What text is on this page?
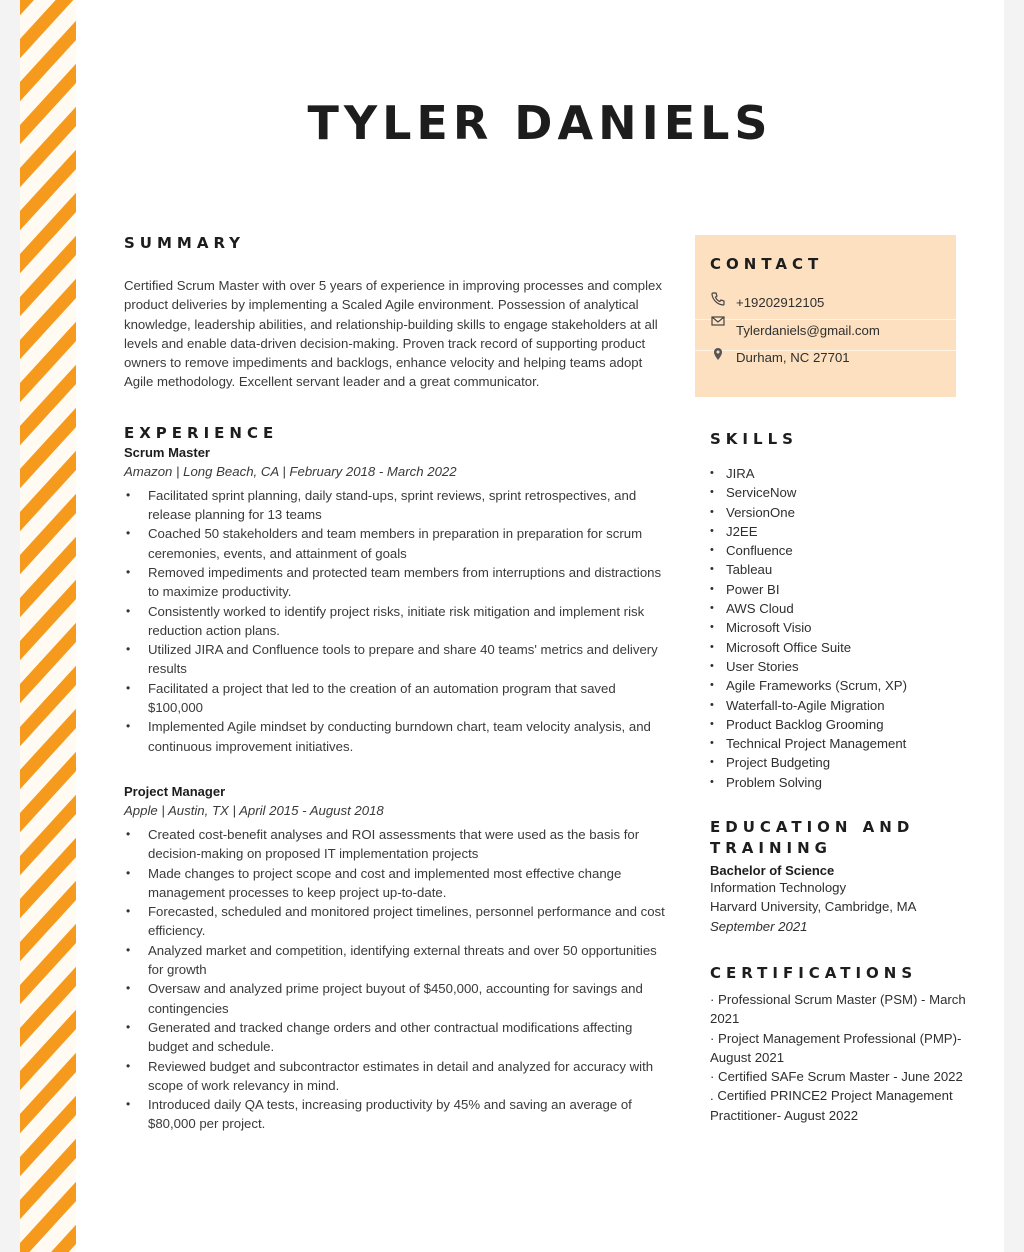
TYLER DANIELS
SUMMARY

Certified Scrum Master with over 5 years of experience in improving processes and complex product deliveries by implementing a Scaled Agile environment. Possession of analytical knowledge, leadership abilities, and relationship-building skills to engage stakeholders at all levels and enable data-driven decision-making. Proven track record of supporting product owners to remove impediments and backlogs, enhance velocity and helping teams adopt Agile methodology. Excellent servant leader and a great communicator.

EXPERIENCE
Scrum Master
Amazon | Long Beach, CA | February 2018 - March 2022
• Facilitated sprint planning, daily stand-ups, sprint reviews, sprint retrospectives, and release planning for 13 teams
• Coached 50 stakeholders and team members in preparation in preparation for scrum ceremonies, events, and attainment of goals
• Removed impediments and protected team members from interruptions and distractions to maximize productivity.
• Consistently worked to identify project risks, initiate risk mitigation and implement risk reduction action plans.
• Utilized JIRA and Confluence tools to prepare and share 40 teams' metrics and delivery results
• Facilitated a project that led to the creation of an automation program that saved $100,000
• Implemented Agile mindset by conducting burndown chart, team velocity analysis, and continuous improvement initiatives.
Project Manager
Apple | Austin, TX | April 2015 - August 2018
• Created cost-benefit analyses and ROI assessments that were used as the basis for decision-making on proposed IT implementation projects
• Made changes to project scope and cost and implemented most effective change management processes to keep project up-to-date.
• Forecasted, scheduled and monitored project timelines, personnel performance and cost efficiency.
• Analyzed market and competition, identifying external threats and over 50 opportunities for growth
• Oversaw and analyzed prime project buyout of $450,000, accounting for savings and contingencies
• Generated and tracked change orders and other contractual modifications affecting budget and schedule.
• Reviewed budget and subcontractor estimates in detail and analyzed for accuracy with scope of work relevancy in mind.
• Introduced daily QA tests, increasing productivity by 45% and saving an average of $80,000 per project.
CONTACT
+19202912105
Tylerdaniels@gmail.com
Durham, NC 27701
SKILLS
• JIRA
• ServiceNow
• VersionOne
• J2EE
• Confluence
• Tableau
• Power BI
• AWS Cloud
• Microsoft Visio
• Microsoft Office Suite
• User Stories
• Agile Frameworks (Scrum, XP)
• Waterfall-to-Agile Migration
• Product Backlog Grooming
• Technical Project Management
• Project Budgeting
• Problem Solving
EDUCATION AND
TRAINING
Bachelor of Science
Information Technology
Harvard University, Cambridge, MA
September 2021
CERTIFICATIONS
· Professional Scrum Master (PSM) - March 2021
· Project Management Professional (PMP)- August 2021
· Certified SAFe Scrum Master - June 2022
. Certified PRINCE2 Project Management Practitioner- August 2022
